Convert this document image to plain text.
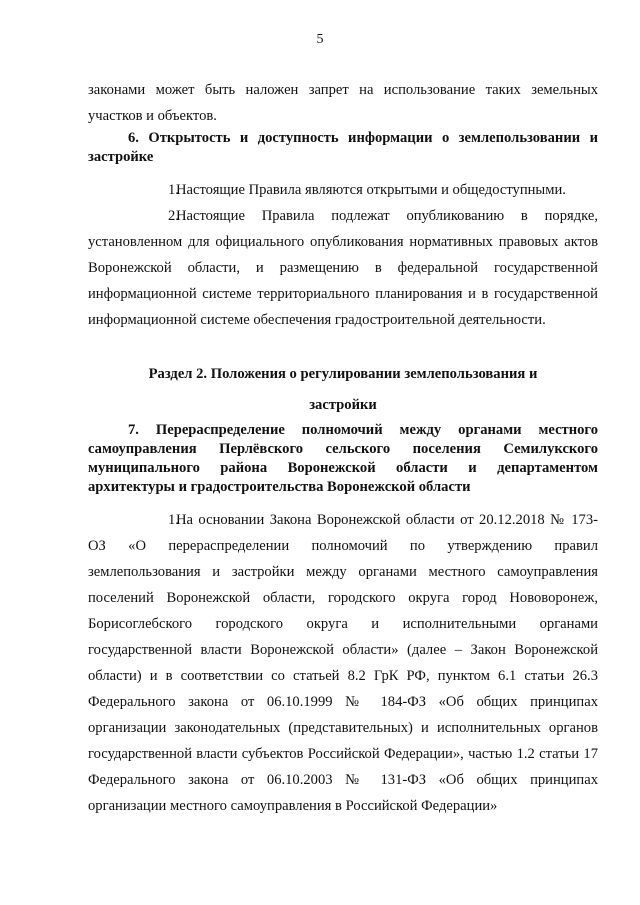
5

законами может быть наложен запрет на использование таких земельных участков и объектов.

6. Открытость и доступность информации о землепользовании и застройке

1.Настоящие Правила являются открытыми и общедоступными.

2.Настоящие Правила подлежат опубликованию в порядке, установленном для официального опубликования нормативных правовых актов Воронежской области, и размещению в федеральной государственной информационной системе территориального планирования и в государственной информационной системе обеспечения градостроительной деятельности.

Раздел 2. Положения о регулировании землепользования и

застройки

7. Перераспределение полномочий между органами местного самоуправления Перлёвского сельского поселения Семилукского муниципального района Воронежской области и департаментом архитектуры и градостроительства Воронежской области

1.На основании Закона Воронежской области от 20.12.2018 № 173-ОЗ «О перераспределении полномочий по утверждению правил землепользования и застройки между органами местного самоуправления поселений Воронежской области, городского округа город Нововоронеж, Борисоглебского городского округа и исполнительными органами государственной власти Воронежской области» (далее – Закон Воронежской области) и в соответствии со статьей 8.2 ГрК РФ, пунктом 6.1 статьи 26.3 Федерального закона от 06.10.1999 № 184-ФЗ «Об общих принципах организации законодательных (представительных) и исполнительных органов государственной власти субъектов Российской Федерации», частью 1.2 статьи 17 Федерального закона от 06.10.2003 № 131-ФЗ «Об общих принципах организации местного самоуправления в Российской Федерации»
